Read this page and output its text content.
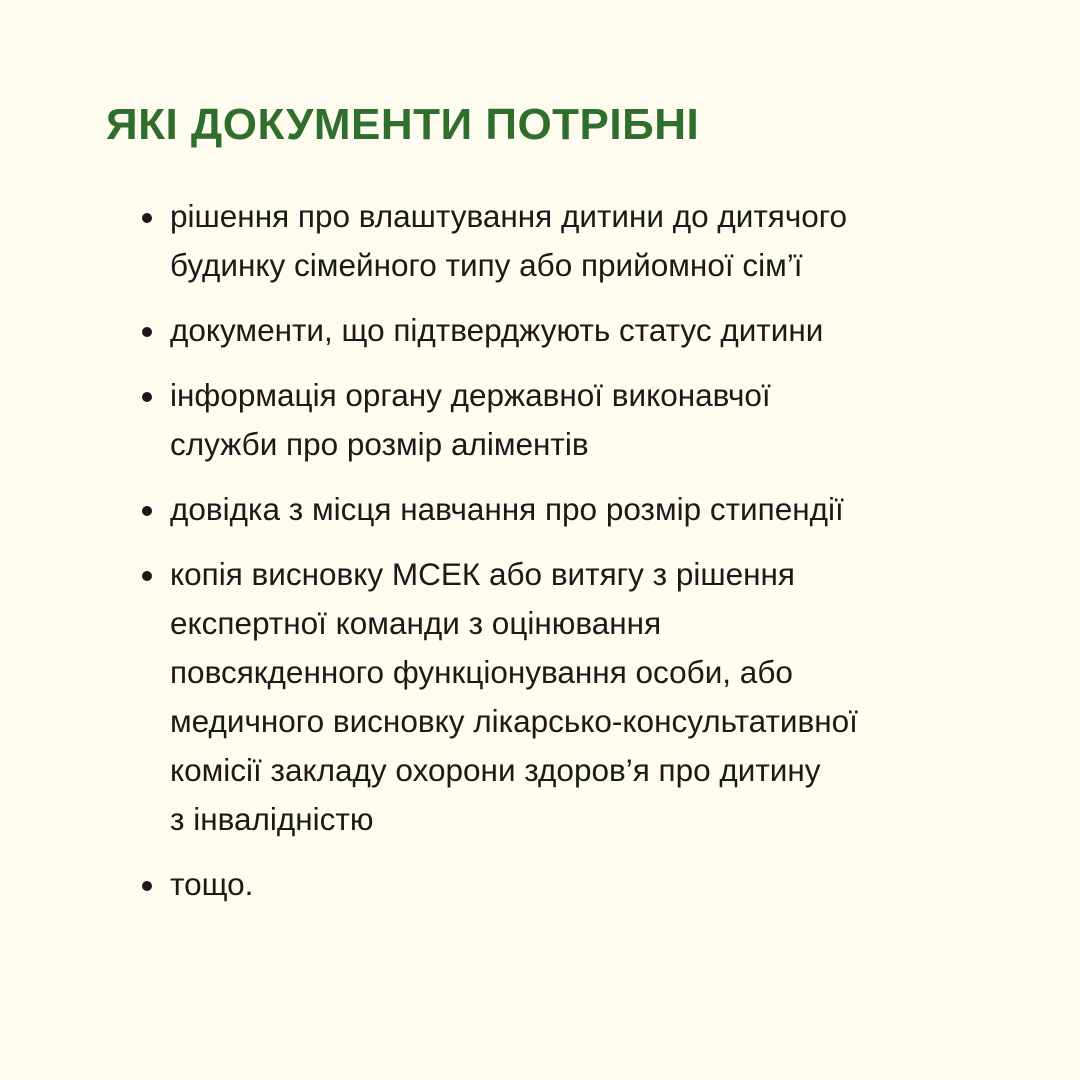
ЯКІ ДОКУМЕНТИ ПОТРІБНІ
рішення про влаштування дитини до дитячого
будинку сімейного типу або прийомної сім’ї
документи, що підтверджують статус дитини
інформація органу державної виконавчої
служби про розмір аліментів
довідка з місця навчання про розмір стипендії
копія висновку МСЕК або витягу з рішення
експертної команди з оцінювання
повсякденного функціонування особи, або
медичного висновку лікарсько-консультативної
комісії закладу охорони здоров’я про дитину
з інвалідністю
тощо.
